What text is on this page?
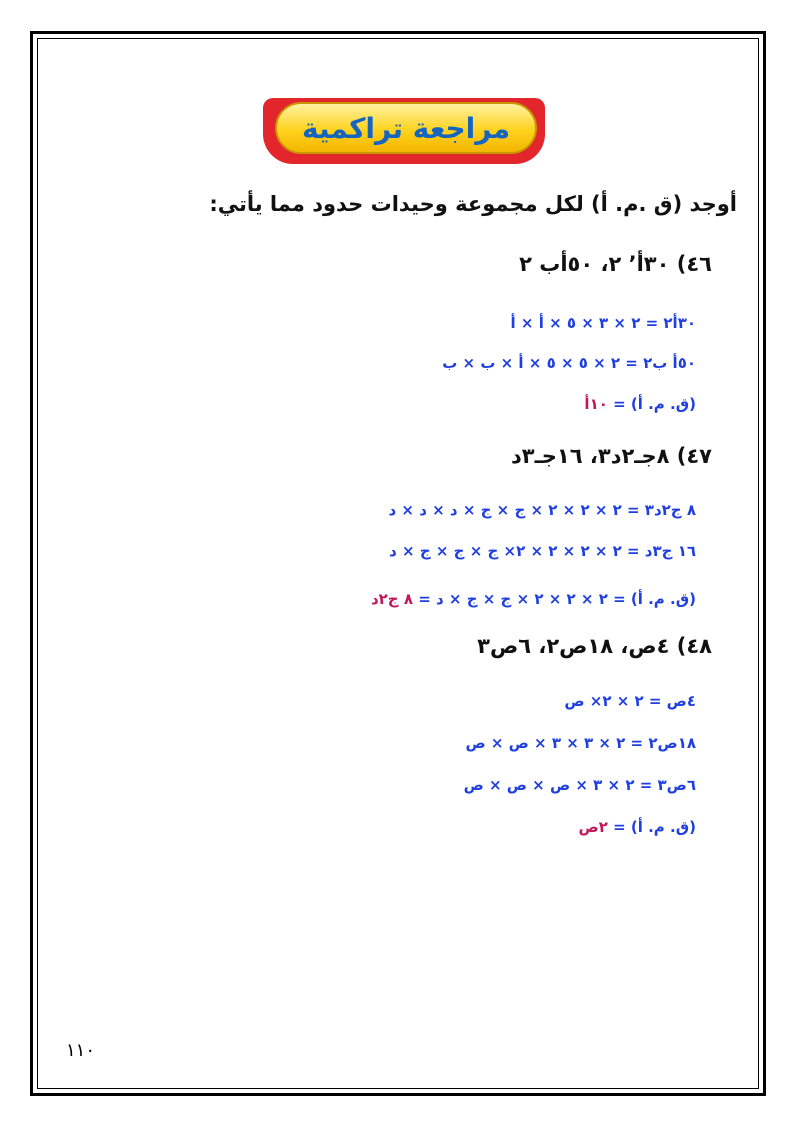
مراجعة تراكمية
أوجد (ق .م. أ) لكل مجموعة وحيدات حدود مما يأتي:
٤٦) ٣٠أ٬ ٢، ٥٠أب ٢
٣٠أ٢ = ٢ × ٣ × ٥ × أ × أ
٥٠أ ب٢ = ٢ × ٥ × ٥ × أ × ب × ب
(ق. م. أ) = ١٠أ
٤٧) ٨جـ٢د٣، ١٦جـ٣د
٨ ج٢د٣ = ٢ × ٢ × ٢ × ج × ج × د × د × د
١٦ ج٣د = ٢ × ٢ × ٢ × ٢× ج × ج × ج × د
(ق. م. أ) = ٢ × ٢ × ٢ × ج × ج × د = ٨ ج٢د
٤٨) ٤ص، ١٨ص٢، ٦ص٣
٤ص = ٢ × ٢× ص
١٨ص٢ = ٢ × ٣ × ٣ × ص × ص
٦ص٣ = ٢ × ٣ × ص × ص × ص
(ق. م. أ) = ٢ص
١١٠
